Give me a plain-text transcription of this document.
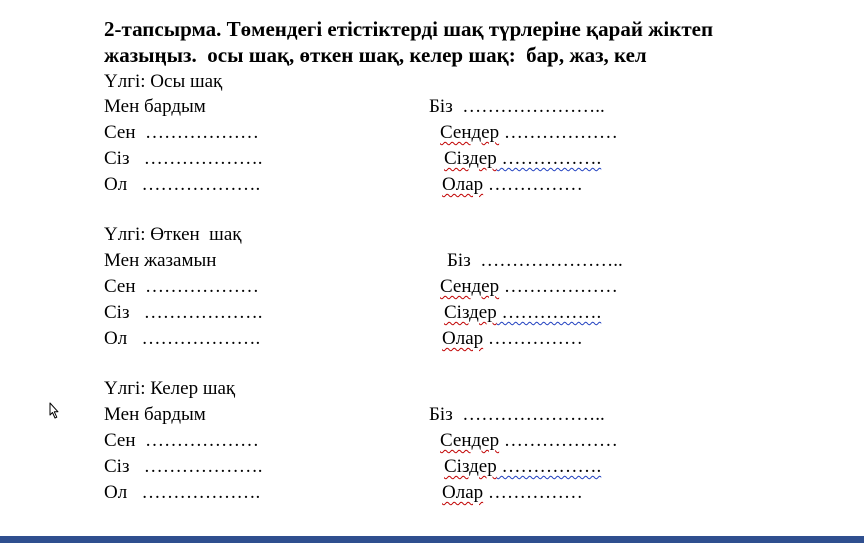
2-тапсырма. Төмендегі етістіктерді шақ түрлеріне қарай жіктеп
жазыңыз.  осы шақ, өткен шақ, келер шақ:  бар, жаз, кел
Үлгі: Осы шақ
Мен бардым	Біз  …………………..
Сен  ………………	Сендер ………………
Сіз   ……………….	Сіздер …………….
Ол   ……………….	Олар ……………
Үлгі: Өткен  шақ
Мен жазамын	Біз  …………………..
Сен  ………………	Сендер ………………
Сіз   ……………….	Сіздер …………….
Ол   ……………….	Олар ……………
Үлгі: Келер шақ
Мен бардым	Біз  …………………..
Сен  ………………	Сендер ………………
Сіз   ……………….	Сіздер …………….
Ол   ……………….	Олар ……………
